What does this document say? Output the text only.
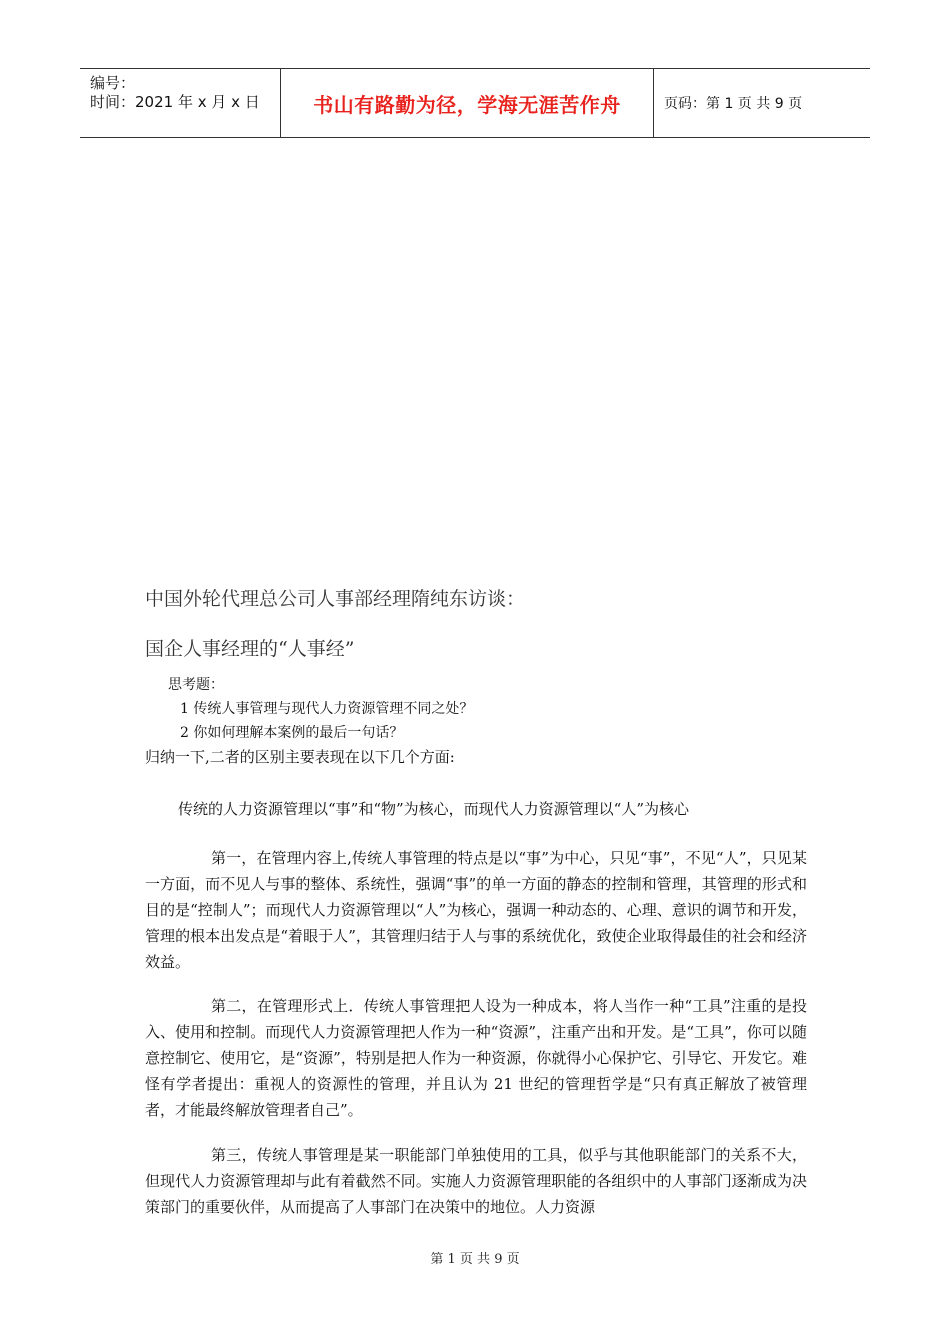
编号：
时间：2021 年 x 月 x 日	书山有路勤为径，学海无涯苦作舟	页码：第 1 页 共 9 页
中国外轮代理总公司人事部经理隋纯东访谈：
国企人事经理的“人事经”
思考题：
1 传统人事管理与现代人力资源管理不同之处？
2 你如何理解本案例的最后一句话？
归纳一下,二者的区别主要表现在以下几个方面:
传统的人力资源管理以“事”和“物”为核心，而现代人力资源管理以“人”为核心

第一，在管理内容上,传统人事管理的特点是以“事”为中心，只见“事”，不见“人”，只见某一方面，而不见人与事的整体、系统性，强调“事”的单一方面的静态的控制和管理，其管理的形式和目的是“控制人”；而现代人力资源管理以“人”为核心，强调一种动态的、心理、意识的调节和开发，管理的根本出发点是“着眼于人”，其管理归结于人与事的系统优化，致使企业取得最佳的社会和经济效益。

第二，在管理形式上．传统人事管理把人设为一种成本，将人当作一种“工具”注重的是投入、使用和控制。而现代人力资源管理把人作为一种“资源”，注重产出和开发。是“工具”，你可以随意控制它、使用它，是“资源”，特别是把人作为一种资源，你就得小心保护它、引导它、开发它。难怪有学者提出：重视人的资源性的管理，并且认为 21 世纪的管理哲学是“只有真正解放了被管理者，才能最终解放管理者自己”。

第三，传统人事管理是某一职能部门单独使用的工具，似乎与其他职能部门的关系不大，但现代人力资源管理却与此有着截然不同。实施人力资源管理职能的各组织中的人事部门逐渐成为决策部门的重要伙伴，从而提高了人事部门在决策中的地位。人力资源

第 1 页 共 9 页
